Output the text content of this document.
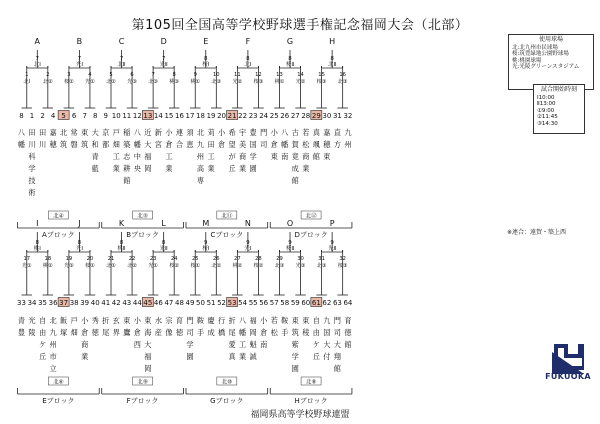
第105回全国高等学校野球選手権記念福岡大会（北部）
8
八
幡
1
田
川
科
学
技
術
2
田
川
4
嘉
穂
5
北
筑
6
常
磐
7
東
筑
8
大
和
青
藍
9
京
都
10
戸
畑
工
業
11
稲
築
志
耕
館
12
八
幡
中
央
13
近
大
福
岡
14
新
宮
15
小
倉
工
業
16
連
合
17
須
恵
18
北
九
州
高
専
19
苅
田
工
業
20
小
倉
21
希
望
が
丘
22
宇
美
商
業
23
豊
国
学
園
24
門
司
25
小
倉
東
26
八
幡
南
27
古
賀
竟
成
館
28
若
松
商
業
29
真
颯
館
30
嘉
穂
東
31
直
方
32
九
州
1
北Ⅰ
2
北②
3
桜②
4
光①
5
北②
6
光③
7
北③
8
桃③
9
桃①
10
北③
11
光②
12
桜③
13
桃①
14
光②
15
桜③
16
北③
A
7
北Ⅰ
B
7
光Ⅰ
C
7
北Ⅱ
D
7
光Ⅱ
E
8
桜Ⅰ
F
8
北Ⅰ
G
8
桜Ⅱ
H
8
北Ⅱ
Aブロック
北④
Bブロック
北⑤
Cブロック
北⑪
Dブロック
北⑫
33
青
豊
34
光
陵
35
自
由
ケ
丘
36
北
九
州
市
立
37
飯
塚
38
戸
畑
39
小
倉
商
業
40
秀
徳
41
折
尾
42
玄
界
43
東
鷹
44
小
倉
西
45
東
海
大
福
岡
46
水
産
47
宗
像
48
育
徳
49
門
司
学
園
50
鞍
手
51
慶
成
52
行
橋
53
折
尾
愛
真
54
八
幡
工
業
55
福
岡
魁
誠
56
小
倉
南
57
若
松
58
鞍
手
59
東
筑
紫
学
園
60
東
稜
61
自
由
ケ
丘
62
九
国
大
付
63
門
司
大
翔
館
64
育
徳
館
17
光①
18
桃②
19
光③
20
桜①
21
北①
22
北②
23
光①
24
桜②
25
桜①
26
北②
27
桃②
28
桜②
29
北③
30
光③
31
北③
32
桜③
I
8
桃Ⅰ
J
8
光Ⅰ
K
8
桃Ⅱ
L
8
光Ⅱ
M
9
桜Ⅰ
N
9
光Ⅰ
O
9
桜Ⅱ
P
9
光Ⅱ
Eブロック
北⑥
Fブロック
北⑨
Gブロック
北⑩
Hブロック
北⑧
使用球場
北:北九州市民球場
桜:筑豊緑地公園野球場
桃:桃園球場
光:光陵グリーンスタジアム
試合開始時刻
Ⅰ10:00
Ⅱ13:00
①9:00
②11:45
③14:30
※連合：遠賀・築上西
FUKUOKA
福岡県高等学校野球連盟
